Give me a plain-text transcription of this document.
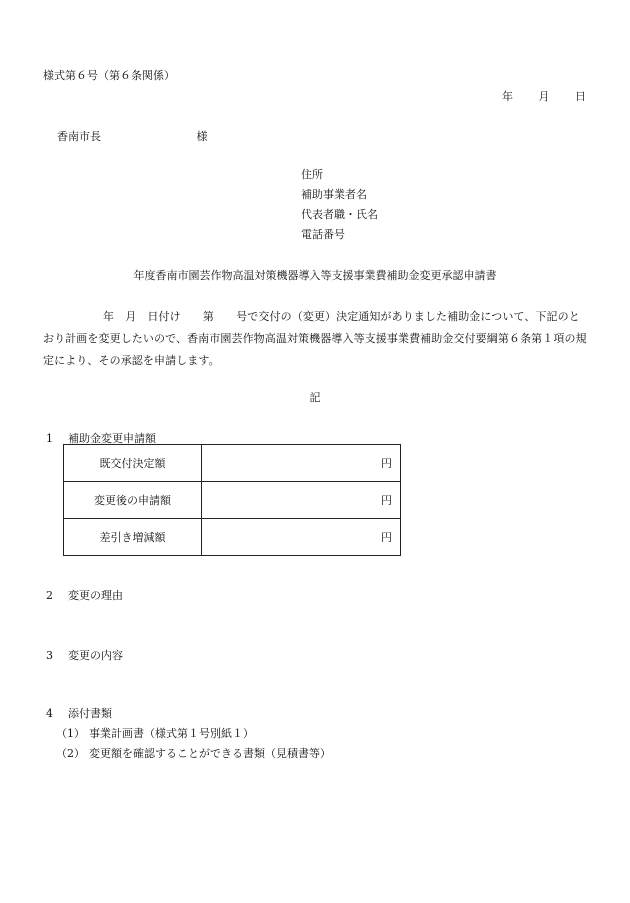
様式第６号（第６条関係）
年 月 日
香南市長	様
住所
補助事業者名
代表者職・氏名
電話番号
年度香南市園芸作物高温対策機器導入等支援事業費補助金変更承認申請書
年　月　日付け　　第　　号で交付の（変更）決定通知がありました補助金について、下記のとおり計画を変更したいので、香南市園芸作物高温対策機器導入等支援事業費補助金交付要綱第６条第１項の規定により、その承認を申請します。
記
1 補助金変更申請額
既交付決定額	円
変更後の申請額	円
差引き増減額	円
2 変更の理由
3 変更の内容
4 添付書類
（1） 事業計画書（様式第１号別紙１）
（2） 変更額を確認することができる書類（見積書等）
